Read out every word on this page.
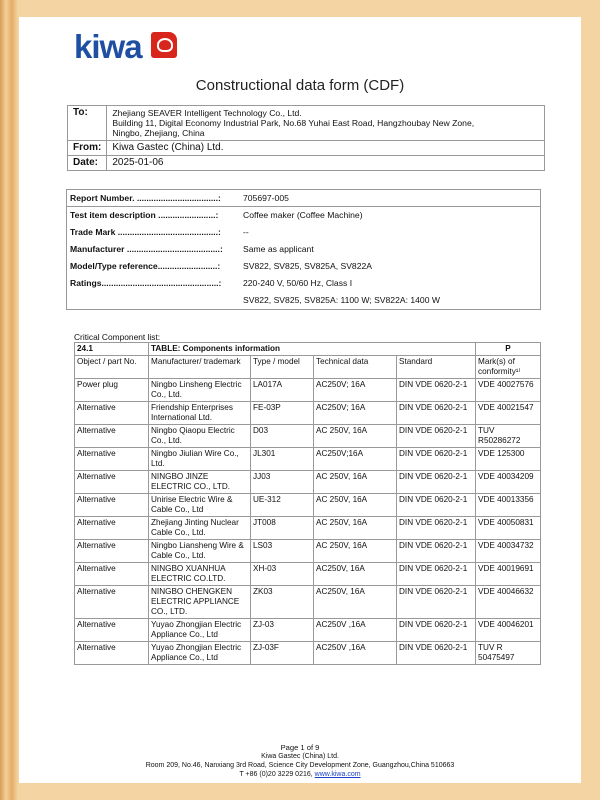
kiwa
Constructional data form (CDF)
To:	Zhejiang SEAVER Intelligent Technology Co., Ltd.
Building 11, Digital Economy Industrial Park, No.68 Yuhai East Road, Hangzhoubay New Zone,
Ningbo, Zhejiang, China

From:	Kiwa Gastec (China) Ltd.
Date:	2025-01-06
Report Number. ..................................:	705697-005
Test item description ........................:	Coffee maker (Coffee Machine)
Trade Mark ..........................................:	--
Manufacturer .......................................:	Same as applicant
Model/Type reference.........................:	SV822, SV825, SV825A, SV822A
Ratings.................................................:	220-240 V, 50/60 Hz, Class I
SV822, SV825, SV825A: 1100 W; SV822A: 1400 W
Critical Component list:
24.1	TABLE: Components information				P
Object / part No.	Manufacturer/ trademark	Type / model	Technical data	Standard	Mark(s) of conformity¹⁾
Power plug	Ningbo Linsheng Electric Co., Ltd.	LA017A	AC250V; 16A	DIN VDE 0620-2-1	VDE 40027576
Alternative	Friendship Enterprises International Ltd.	FE-03P	AC250V; 16A	DIN VDE 0620-2-1	VDE 40021547
Alternative	Ningbo Qiaopu Electric Co., Ltd.	D03	AC 250V, 16A	DIN VDE 0620-2-1	TUV R50286272
Alternative	Ningbo Jiulian Wire Co., Ltd.	JL301	AC250V;16A	DIN VDE 0620-2-1	VDE 125300
Alternative	NINGBO JINZE ELECTRIC CO., LTD.	JJ03	AC 250V, 16A	DIN VDE 0620-2-1	VDE 40034209
Alternative	Unirise Electric Wire & Cable Co., Ltd	UE-312	AC 250V, 16A	DIN VDE 0620-2-1	VDE 40013356
Alternative	Zhejiang Jinting Nuclear Cable Co., Ltd.	JT008	AC 250V, 16A	DIN VDE 0620-2-1	VDE 40050831
Alternative	Ningbo Liansheng Wire & Cable Co., Ltd.	LS03	AC 250V, 16A	DIN VDE 0620-2-1	VDE 40034732
Alternative	NINGBO XUANHUA ELECTRIC CO.LTD.	XH-03	AC250V, 16A	DIN VDE 0620-2-1	VDE 40019691
Alternative	NINGBO CHENGKEN ELECTRIC APPLIANCE CO., LTD.	ZK03	AC250V, 16A	DIN VDE 0620-2-1	VDE 40046632
Alternative	Yuyao Zhongjian Electric Appliance Co., Ltd	ZJ-03	AC250V ,16A	DIN VDE 0620-2-1	VDE 40046201
Alternative	Yuyao Zhongjian Electric Appliance Co., Ltd	ZJ-03F	AC250V ,16A	DIN VDE 0620-2-1	TUV R 50475497
Page 1 of 9
Kiwa Gastec (China) Ltd.
Room 209, No.46, Nanxiang 3rd Road, Science City Development Zone, Guangzhou,China 510663
T +86 (0)20 3229 0216, www.kiwa.com
